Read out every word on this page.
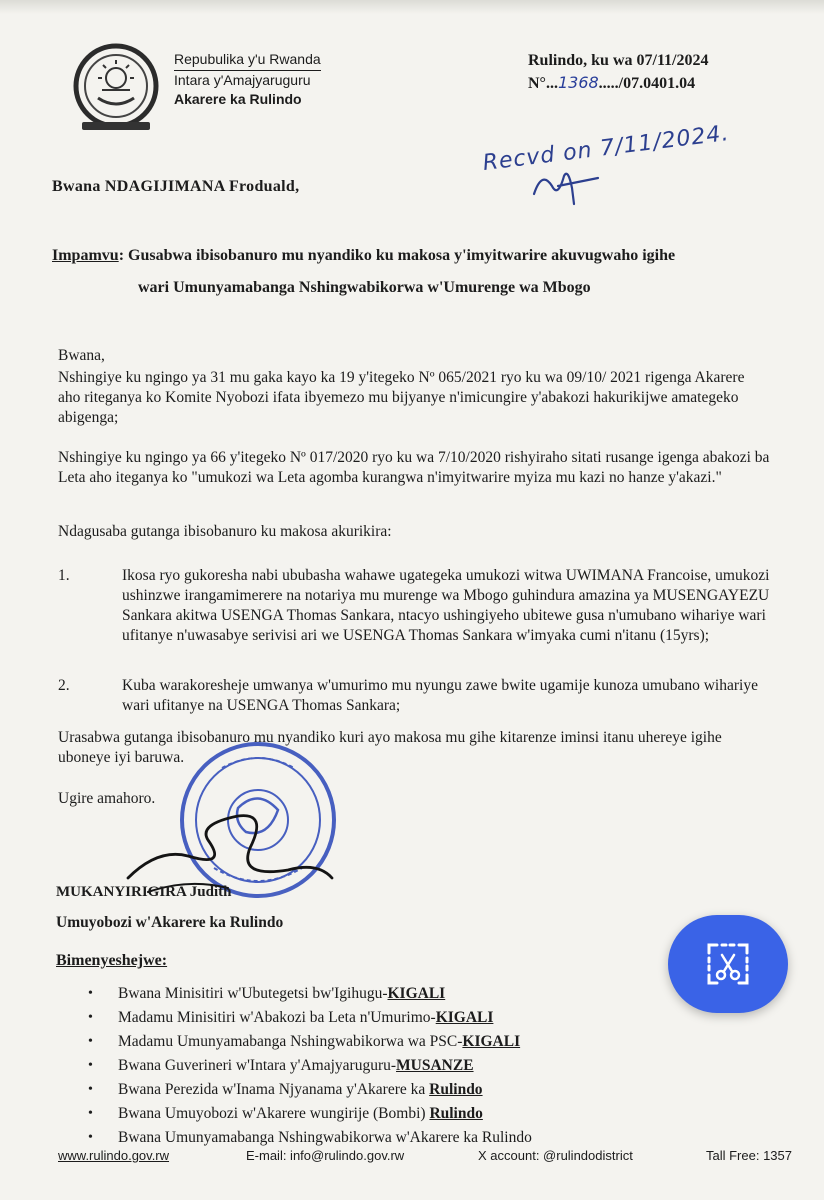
Repubulika y'u Rwanda
Intara y'Amajyaruguru
Akarere ka Rulindo
Rulindo, ku wa 07/11/2024
N°...1368...../07.0401.04
Recvd on 7/11/2024.
Bwana NDAGIJIMANA Froduald,
Impamvu: Gusabwa ibisobanuro mu nyandiko ku makosa y'imyitwarire akuvugwaho igihe
wari Umunyamabanga Nshingwabikorwa w'Umurenge wa Mbogo
Bwana,
Nshingiye ku ngingo ya 31 mu gaka kayo ka 19 y'itegeko Nº 065/2021 ryo ku wa 09/10/ 2021 rigenga Akarere aho riteganya ko Komite Nyobozi ifata ibyemezo mu bijyanye n'imicungire y'abakozi hakurikijwe amategeko abigenga;
Nshingiye ku ngingo ya 66 y'itegeko Nº 017/2020 ryo ku wa 7/10/2020 rishyiraho sitati rusange igenga abakozi ba Leta aho iteganya ko "umukozi wa Leta agomba kurangwa n'imyitwarire myiza mu kazi no hanze y'akazi."
Ndagusaba gutanga ibisobanuro ku makosa akurikira:
1.	Ikosa ryo gukoresha nabi ububasha wahawe ugategeka umukozi witwa UWIMANA Francoise, umukozi ushinzwe irangamimerere na notariya mu murenge wa Mbogo guhindura amazina ya MUSENGAYEZU Sankara akitwa USENGA Thomas Sankara, ntacyo ushingiyeho ubitewe gusa n'umubano wihariye wari ufitanye n'uwasabye serivisi ari we USENGA Thomas Sankara w'imyaka cumi n'itanu (15yrs);
2.	Kuba warakoresheje umwanya w'umurimo mu nyungu zawe bwite ugamije kunoza umubano wihariye wari ufitanye na USENGA Thomas Sankara;
Urasabwa gutanga ibisobanuro mu nyandiko kuri ayo makosa mu gihe kitarenze iminsi itanu uhereye igihe uboneye iyi baruwa.
Ugire amahoro.
MUKANYIRIGIRA Judith
Umuyobozi w'Akarere ka Rulindo
Bimenyeshejwe:
• Bwana Minisitiri w'Ubutegetsi bw'Igihugu-KIGALI
• Madamu Minisitiri w'Abakozi ba Leta n'Umurimo-KIGALI
• Madamu Umunyamabanga Nshingwabikorwa wa PSC-KIGALI
• Bwana Guverineri w'Intara y'Amajyaruguru-MUSANZE
• Bwana Perezida w'Inama Njyanama y'Akarere ka Rulindo
• Bwana Umuyobozi w'Akarere wungirije (Bombi) Rulindo
• Bwana Umunyamabanga Nshingwabikorwa w'Akarere ka Rulindo
www.rulindo.gov.rw	E-mail: info@rulindo.gov.rw	X account: @rulindodistrict	Tall Free: 1357
